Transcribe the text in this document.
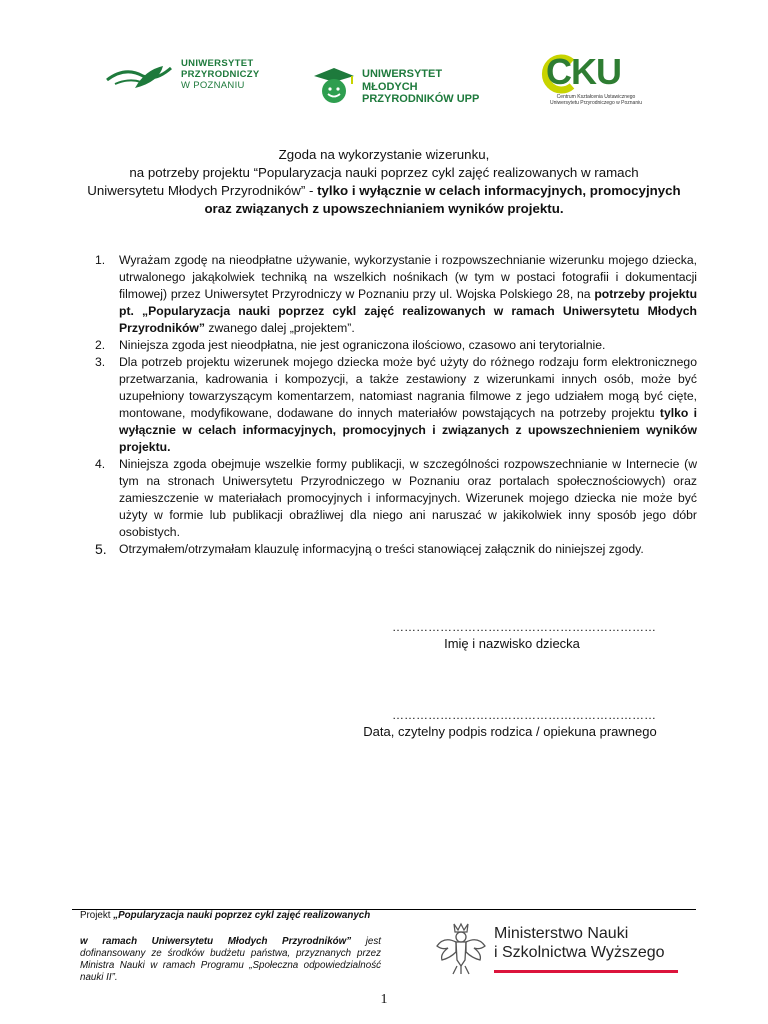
UNIWERSYTET
PRZYRODNICZY
W POZNANIU
UNIWERSYTET
MŁODYCH
PRZYRODNIKÓW UPP
CKU
Centrum Kształcenia Ustawicznego
Uniwersytetu Przyrodniczego w Poznaniu
Zgoda na wykorzystanie wizerunku,
na potrzeby projektu “Popularyzacja nauki poprzez cykl zajęć realizowanych w ramach
Uniwersytetu Młodych Przyrodników” - tylko i wyłącznie w celach informacyjnych, promocyjnych
oraz związanych z upowszechnianiem wyników projektu.
1. Wyrażam zgodę na nieodpłatne używanie, wykorzystanie i rozpowszechnianie wizerunku mojego dziecka, utrwalonego jakąkolwiek techniką na wszelkich nośnikach (w tym w postaci fotografii i dokumentacji filmowej) przez Uniwersytet Przyrodniczy w Poznaniu przy ul. Wojska Polskiego 28, na potrzeby projektu pt. „Popularyzacja nauki poprzez cykl zajęć realizowanych w ramach Uniwersytetu Młodych Przyrodników” zwanego dalej „projektem”.
2. Niniejsza zgoda jest nieodpłatna, nie jest ograniczona ilościowo, czasowo ani terytorialnie.
3. Dla potrzeb projektu wizerunek mojego dziecka może być użyty do różnego rodzaju form elektronicznego przetwarzania, kadrowania i kompozycji, a także zestawiony z wizerunkami innych osób, może być uzupełniony towarzyszącym komentarzem, natomiast nagrania filmowe z jego udziałem mogą być cięte, montowane, modyfikowane, dodawane do innych materiałów powstających na potrzeby projektu tylko i wyłącznie w celach informacyjnych, promocyjnych i związanych z upowszechnieniem wyników projektu.
4. Niniejsza zgoda obejmuje wszelkie formy publikacji, w szczególności rozpowszechnianie w Internecie (w tym na stronach Uniwersytetu Przyrodniczego w Poznaniu oraz portalach społecznościowych) oraz zamieszczenie w materiałach promocyjnych i informacyjnych. Wizerunek mojego dziecka nie może być użyty w formie lub publikacji obraźliwej dla niego ani naruszać w jakikolwiek inny sposób jego dóbr osobistych.
5. Otrzymałem/otrzymałam klauzulę informacyjną o treści stanowiącej załącznik do niniejszej zgody.
…………………………………………………………
Imię i nazwisko dziecka
…………………………………………………………
Data, czytelny podpis rodzica / opiekuna prawnego

Projekt „Popularyzacja nauki poprzez cykl zajęć realizowanych

w ramach Uniwersytetu Młodych Przyrodników” jest dofinansowany ze środków budżetu państwa, przyznanych przez Ministra Nauki w ramach Programu „Społeczna odpowiedzialność nauki II”.

Ministerstwo Nauki
i Szkolnictwa Wyższego
1
